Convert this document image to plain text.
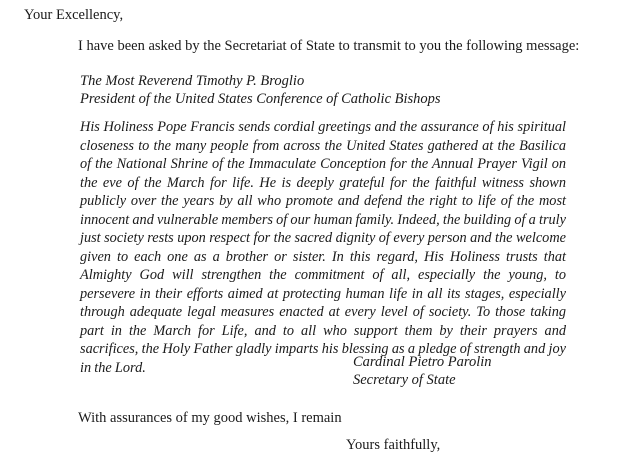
Your Excellency,
I have been asked by the Secretariat of State to transmit to you the following message:
The Most Reverend Timothy P. Broglio
President of the United States Conference of Catholic Bishops
His Holiness Pope Francis sends cordial greetings and the assurance of his spiritual closeness to the many people from across the United States gathered at the Basilica of the National Shrine of the Immaculate Conception for the Annual Prayer Vigil on the eve of the March for life. He is deeply grateful for the faithful witness shown publicly over the years by all who promote and defend the right to life of the most innocent and vulnerable members of our human family. Indeed, the building of a truly just society rests upon respect for the sacred dignity of every person and the welcome given to each one as a brother or sister. In this regard, His Holiness trusts that Almighty God will strengthen the commitment of all, especially the young, to persevere in their efforts aimed at protecting human life in all its stages, especially through adequate legal measures enacted at every level of society. To those taking part in the March for Life, and to all who support them by their prayers and sacrifices, the Holy Father gladly imparts his blessing as a pledge of strength and joy in the Lord.	Cardinal Pietro Parolin
Secretary of State
With assurances of my good wishes, I remain
Yours faithfully,
